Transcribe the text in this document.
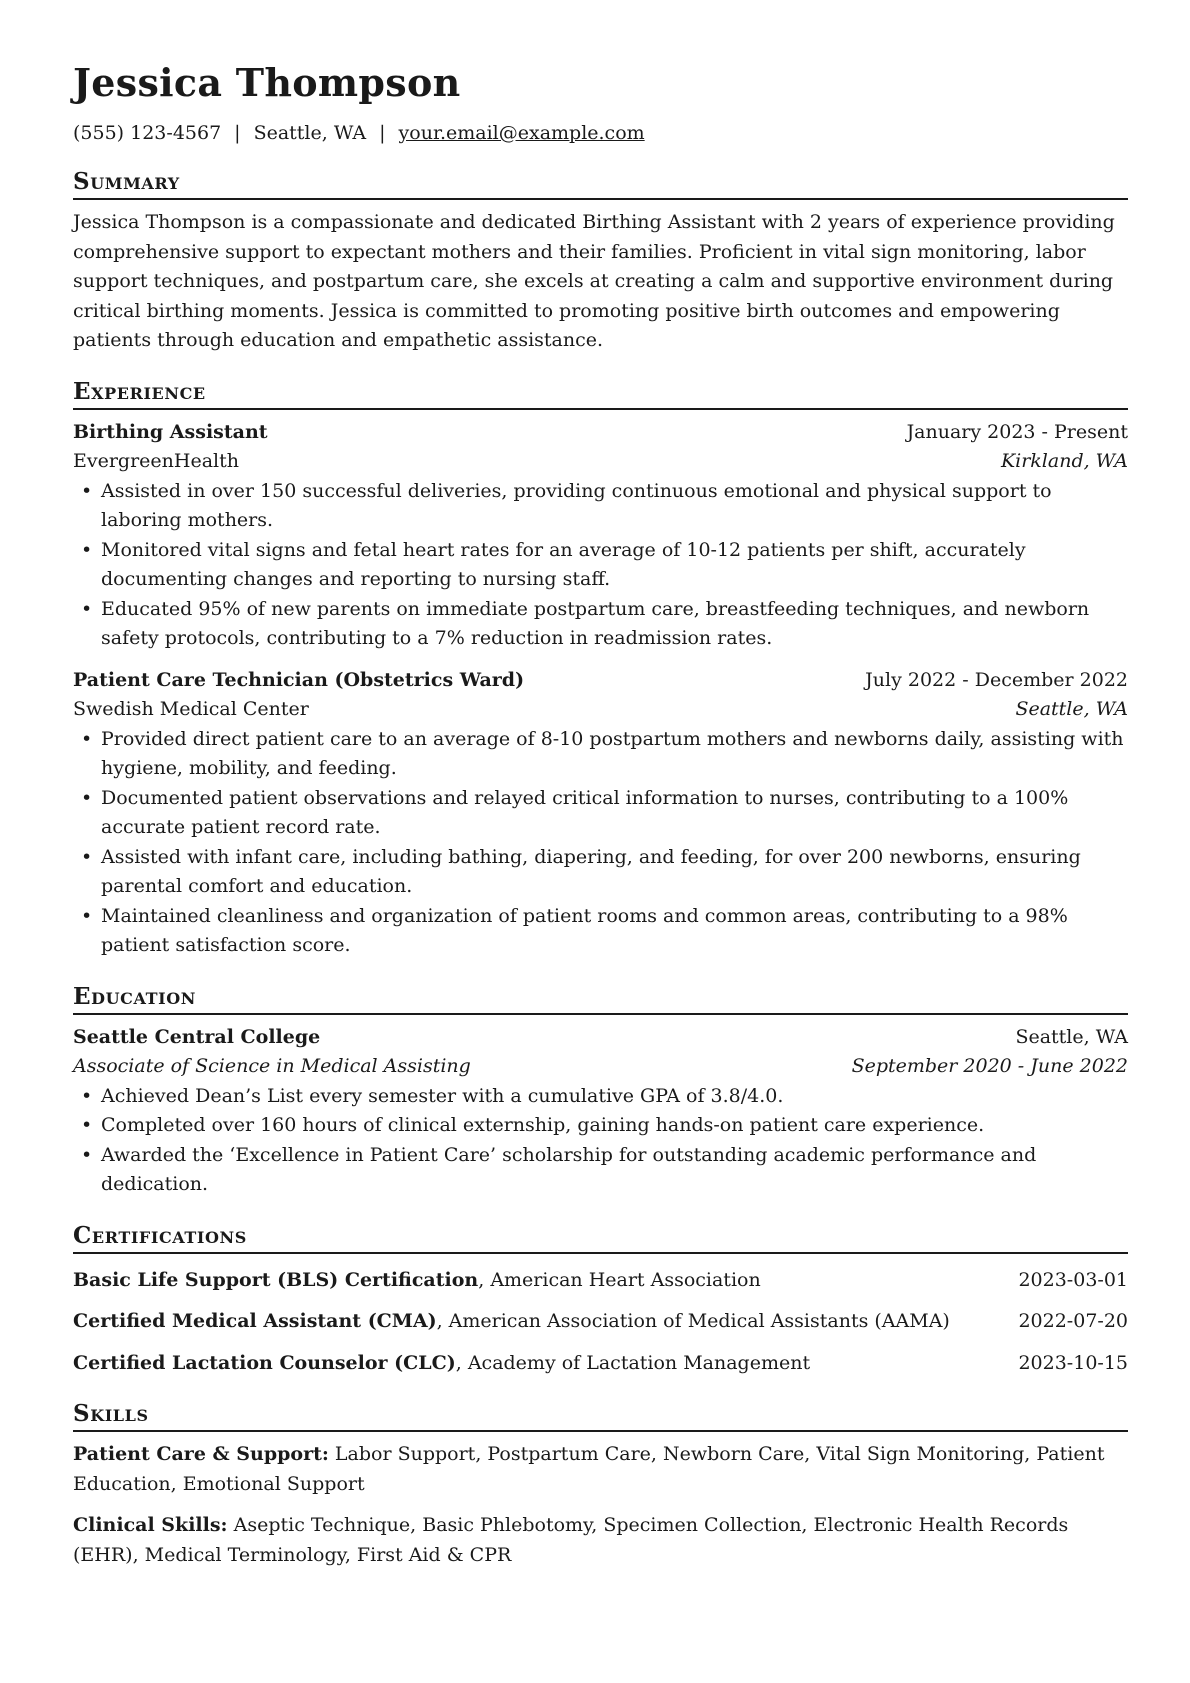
Jessica Thompson
(555) 123-4567 | Seattle, WA | your.email@example.com
Summary
Jessica Thompson is a compassionate and dedicated Birthing Assistant with 2 years of experience providing comprehensive support to expectant mothers and their families. Proficient in vital sign monitoring, labor support techniques, and postpartum care, she excels at creating a calm and supportive environment during critical birthing moments. Jessica is committed to promoting positive birth outcomes and empowering patients through education and empathetic assistance.
Experience
Birthing Assistant	January 2023 - Present
EvergreenHealth	Kirkland, WA
• Assisted in over 150 successful deliveries, providing continuous emotional and physical support to laboring mothers.
• Monitored vital signs and fetal heart rates for an average of 10-12 patients per shift, accurately documenting changes and reporting to nursing staff.
• Educated 95% of new parents on immediate postpartum care, breastfeeding techniques, and newborn safety protocols, contributing to a 7% reduction in readmission rates.
Patient Care Technician (Obstetrics Ward)	July 2022 - December 2022
Swedish Medical Center	Seattle, WA
• Provided direct patient care to an average of 8-10 postpartum mothers and newborns daily, assisting with hygiene, mobility, and feeding.
• Documented patient observations and relayed critical information to nurses, contributing to a 100% accurate patient record rate.
• Assisted with infant care, including bathing, diapering, and feeding, for over 200 newborns, ensuring parental comfort and education.
• Maintained cleanliness and organization of patient rooms and common areas, contributing to a 98% patient satisfaction score.
Education
Seattle Central College	Seattle, WA
Associate of Science in Medical Assisting	September 2020 - June 2022
• Achieved Dean’s List every semester with a cumulative GPA of 3.8/4.0.
• Completed over 160 hours of clinical externship, gaining hands-on patient care experience.
• Awarded the ‘Excellence in Patient Care’ scholarship for outstanding academic performance and dedication.
Certifications
Basic Life Support (BLS) Certification, American Heart Association	2023-03-01
Certified Medical Assistant (CMA), American Association of Medical Assistants (AAMA)	2022-07-20
Certified Lactation Counselor (CLC), Academy of Lactation Management	2023-10-15
Skills
Patient Care & Support: Labor Support, Postpartum Care, Newborn Care, Vital Sign Monitoring, Patient Education, Emotional Support
Clinical Skills: Aseptic Technique, Basic Phlebotomy, Specimen Collection, Electronic Health Records (EHR), Medical Terminology, First Aid & CPR
